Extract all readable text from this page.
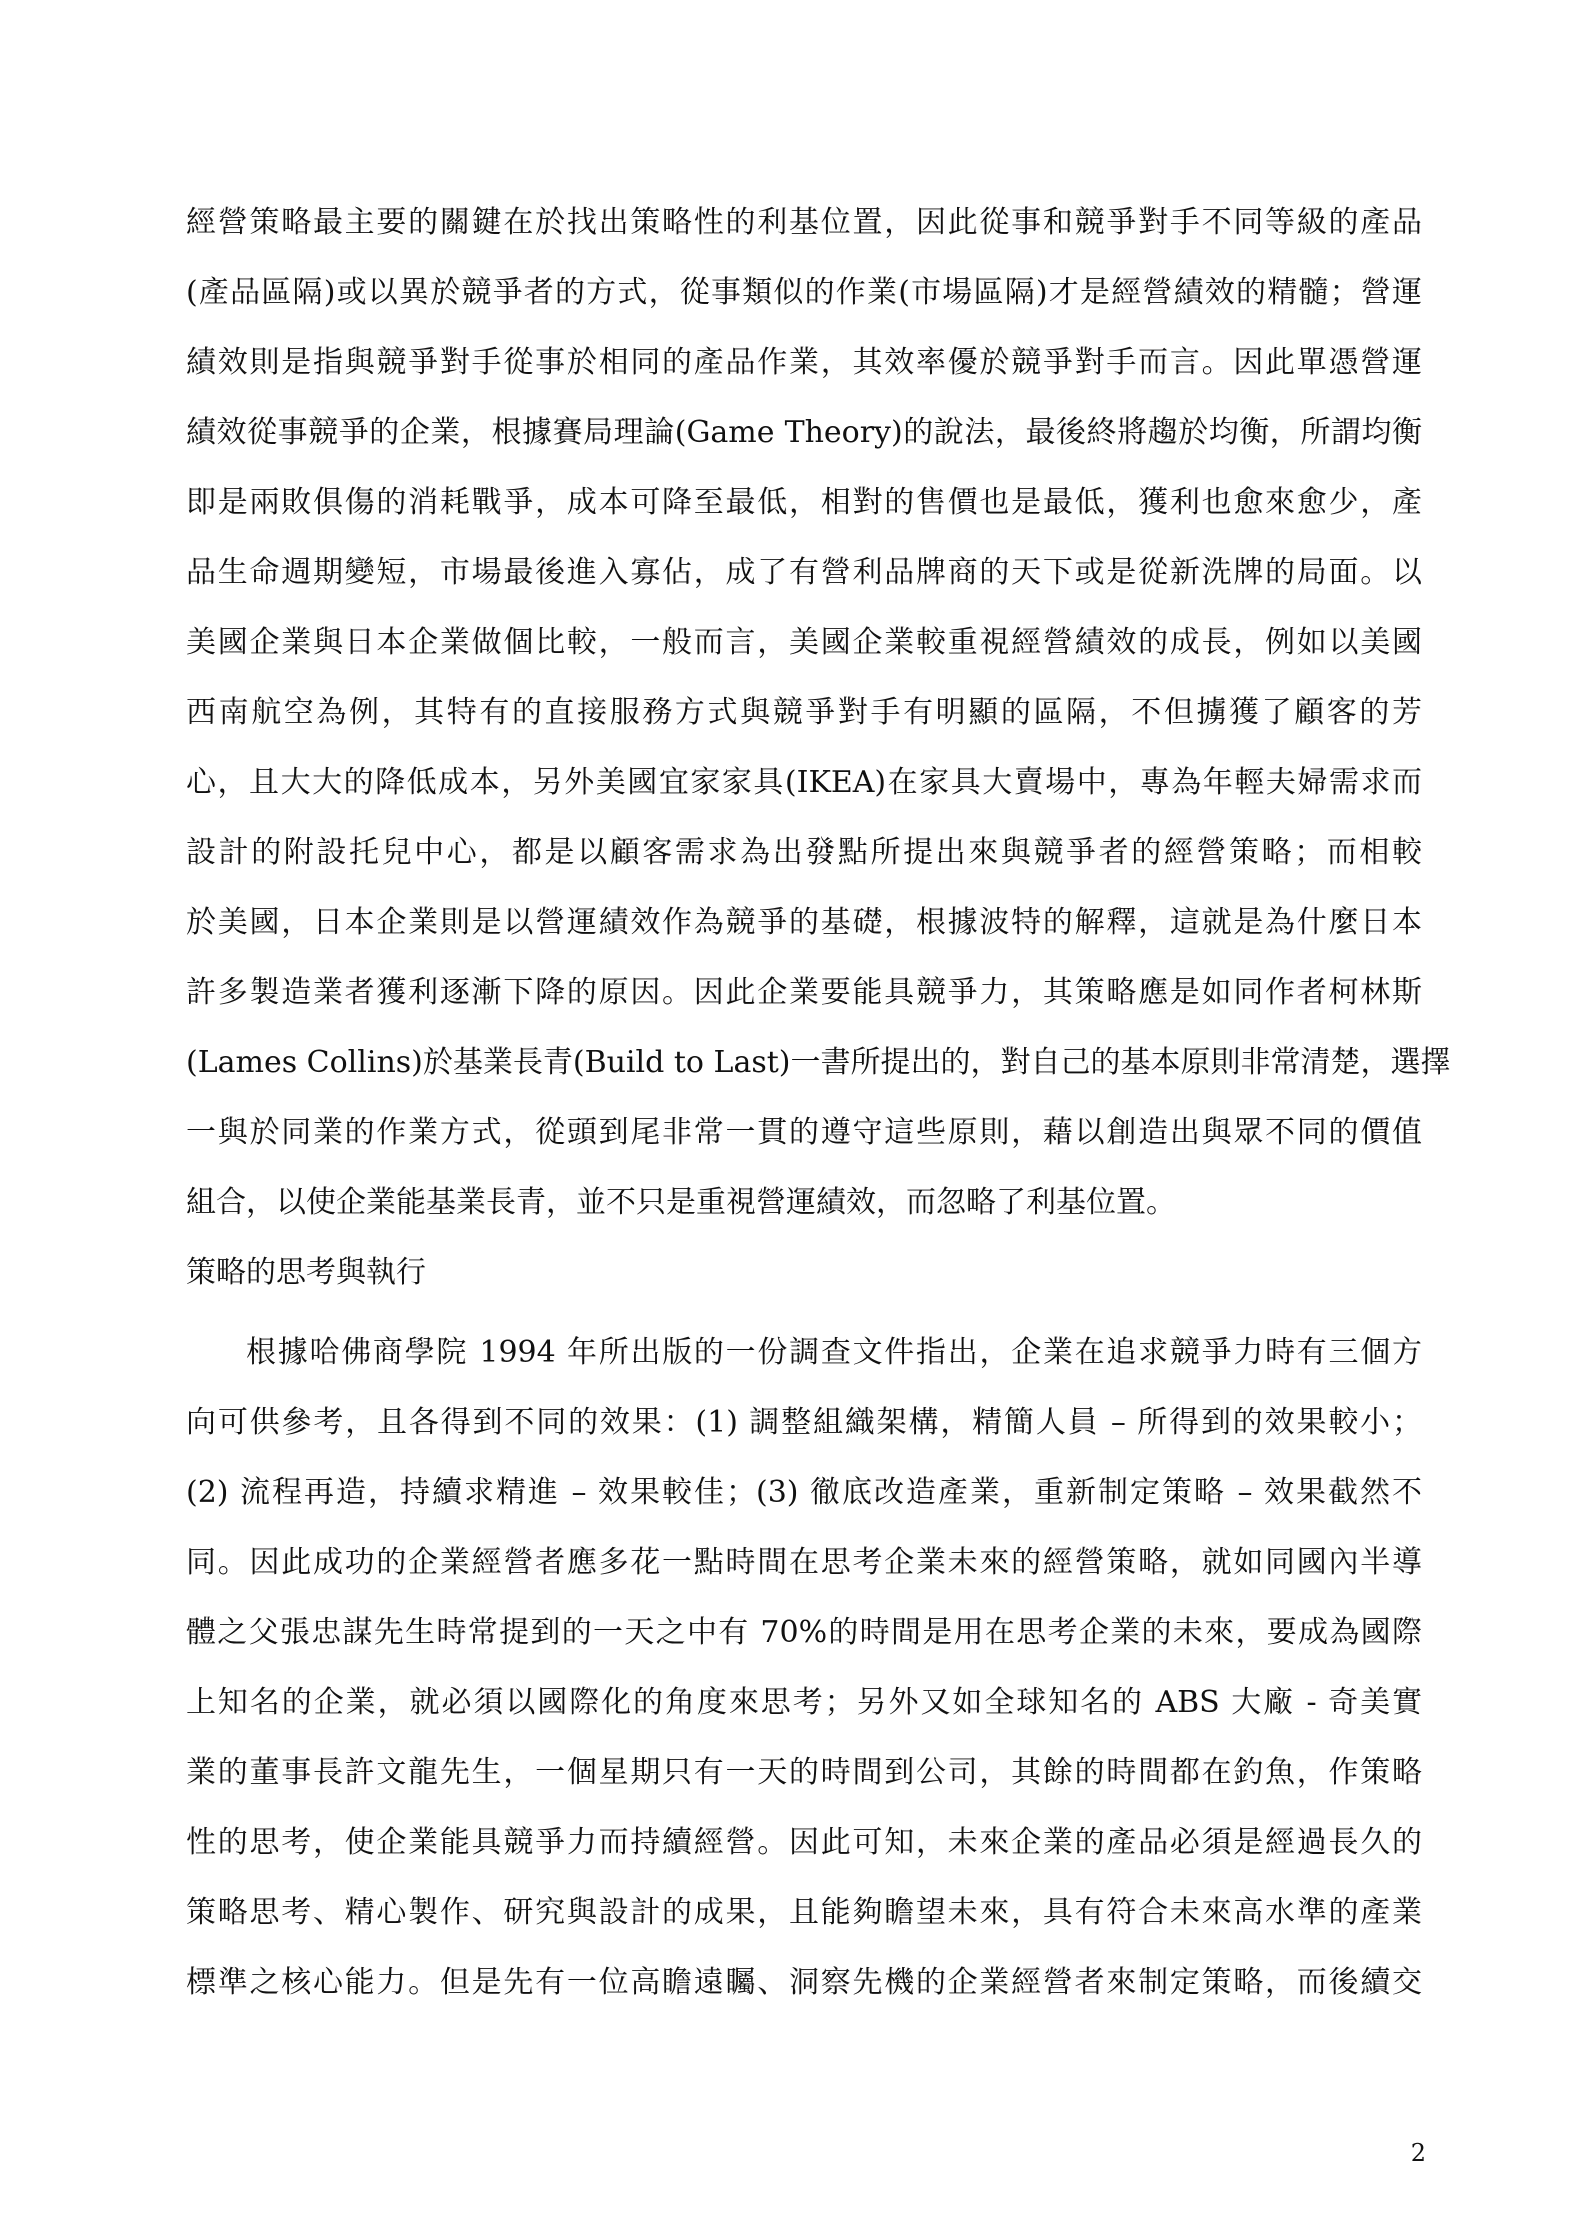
經營策略最主要的關鍵在於找出策略性的利基位置，因此從事和競爭對手不同等級的產品
(產品區隔)或以異於競爭者的方式，從事類似的作業(市場區隔)才是經營績效的精髓；營運
績效則是指與競爭對手從事於相同的產品作業，其效率優於競爭對手而言。因此單憑營運
績效從事競爭的企業，根據賽局理論(Game Theory)的說法，最後終將趨於均衡，所謂均衡
即是兩敗俱傷的消耗戰爭，成本可降至最低，相對的售價也是最低，獲利也愈來愈少，產
品生命週期變短，市場最後進入寡佔，成了有營利品牌商的天下或是從新洗牌的局面。以
美國企業與日本企業做個比較，一般而言，美國企業較重視經營績效的成長，例如以美國
西南航空為例，其特有的直接服務方式與競爭對手有明顯的區隔，不但擄獲了顧客的芳
心，且大大的降低成本，另外美國宜家家具(IKEA)在家具大賣場中，專為年輕夫婦需求而
設計的附設托兒中心，都是以顧客需求為出發點所提出來與競爭者的經營策略；而相較
於美國，日本企業則是以營運績效作為競爭的基礎，根據波特的解釋，這就是為什麼日本
許多製造業者獲利逐漸下降的原因。因此企業要能具競爭力，其策略應是如同作者柯林斯
(Lames Collins)於基業長青(Build to Last)一書所提出的，對自己的基本原則非常清楚，選擇
一與於同業的作業方式，從頭到尾非常一貫的遵守這些原則，藉以創造出與眾不同的價值
組合，以使企業能基業長青，並不只是重視營運績效，而忽略了利基位置。
策略的思考與執行
根據哈佛商學院 1994 年所出版的一份調查文件指出，企業在追求競爭力時有三個方
向可供參考，且各得到不同的效果：(1) 調整組織架構，精簡人員 – 所得到的效果較小；
(2) 流程再造，持續求精進 – 效果較佳；(3) 徹底改造產業，重新制定策略 – 效果截然不
同。因此成功的企業經營者應多花一點時間在思考企業未來的經營策略，就如同國內半導
體之父張忠謀先生時常提到的一天之中有 70%的時間是用在思考企業的未來，要成為國際
上知名的企業，就必須以國際化的角度來思考；另外又如全球知名的 ABS 大廠 - 奇美實
業的董事長許文龍先生，一個星期只有一天的時間到公司，其餘的時間都在釣魚，作策略
性的思考，使企業能具競爭力而持續經營。因此可知，未來企業的產品必須是經過長久的
策略思考、精心製作、研究與設計的成果，且能夠瞻望未來，具有符合未來高水準的產業
標準之核心能力。但是先有一位高瞻遠矚、洞察先機的企業經營者來制定策略，而後續交
2
